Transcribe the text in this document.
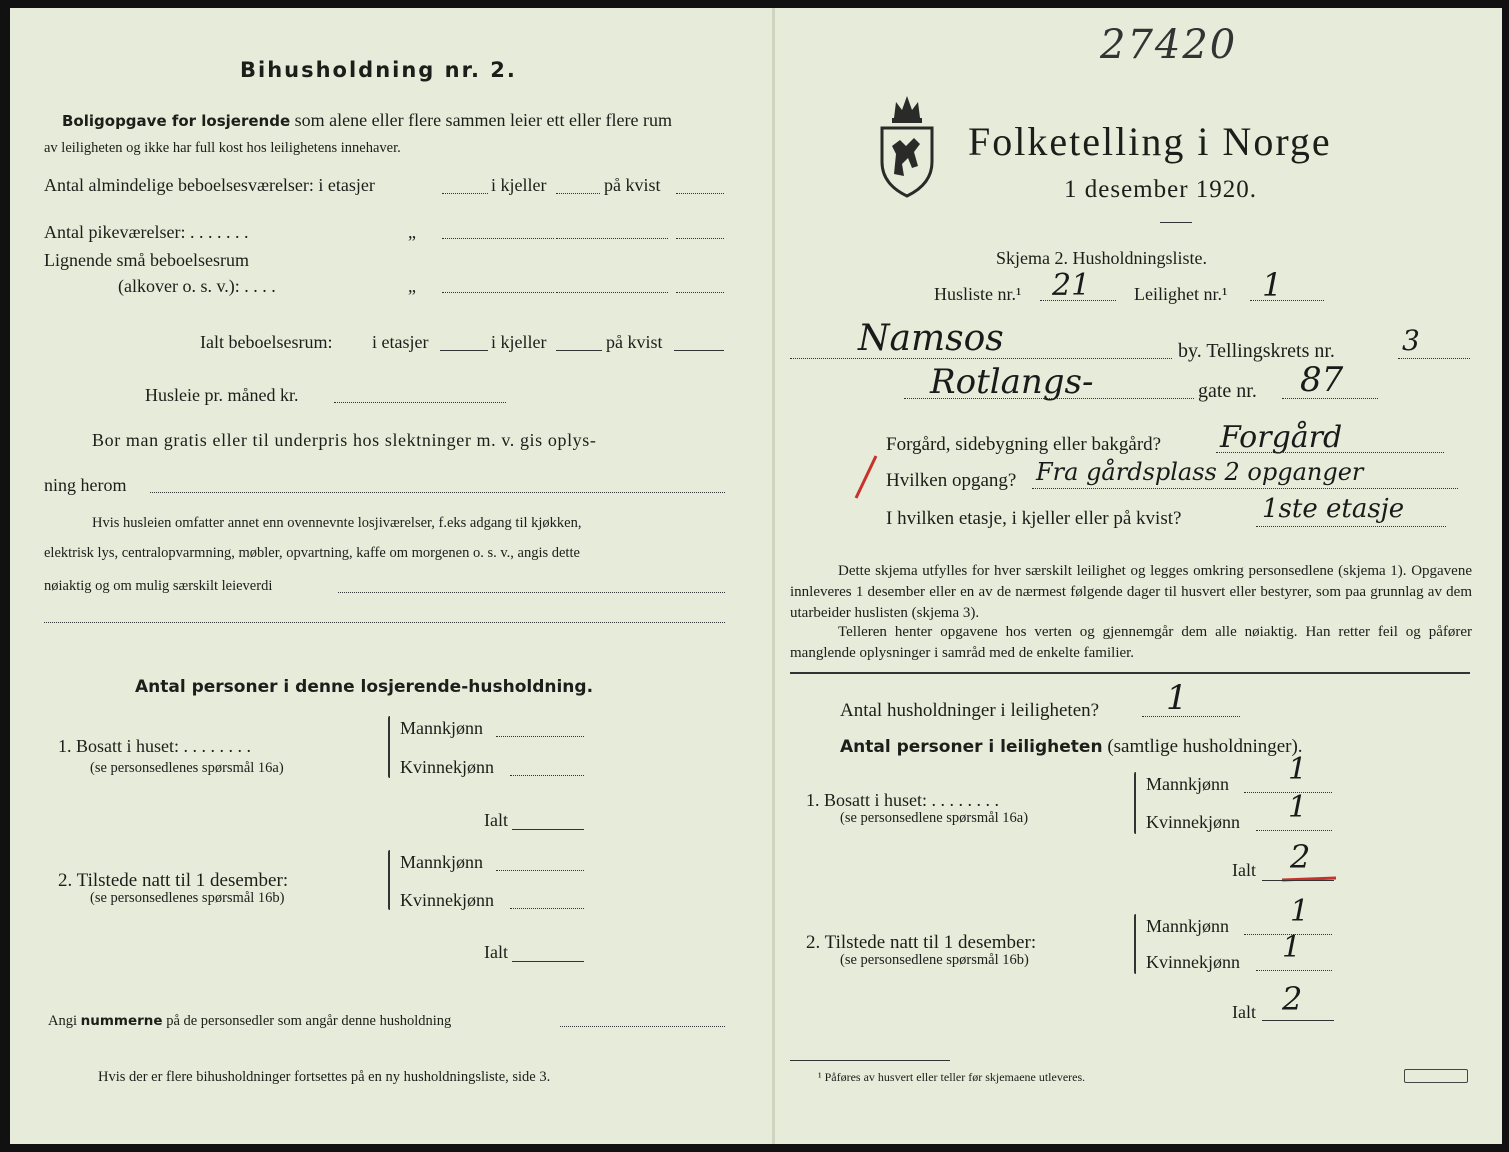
Bihusholdning nr. 2.
Boligopgave for losjerende som alene eller flere sammen leier ett eller flere rum
av leiligheten og ikke har full kost hos leilighetens innehaver.
Antal almindelige beboelsesværelser: i etasjer	i kjeller	på kvist
Antal pikeværelser: . . . . . . .	„
Lignende små beboelsesrum
(alkover o. s. v.): . . . .	„
Ialt beboelsesrum: i etasjer	i kjeller	på kvist
Husleie pr. måned kr.
Bor man gratis eller til underpris hos slektninger m. v. gis oplys-
ning herom
Hvis husleien omfatter annet enn ovennevnte losjiværelser, f.eks adgang til kjøkken,
elektrisk lys, centralopvarmning, møbler, opvartning, kaffe om morgenen o. s. v., angis dette
nøiaktig og om mulig særskilt leieverdi
Antal personer i denne losjerende-husholdning.
1. Bosatt i huset: . . . . . . . .
(se personsedlenes spørsmål 16a)
Mannkjønn
Kvinnekjønn
Ialt
2. Tilstede natt til 1 desember:
(se personsedlenes spørsmål 16b)
Mannkjønn
Kvinnekjønn
Ialt
Angi nummerne på de personsedler som angår denne husholdning
Hvis der er flere bihusholdninger fortsettes på en ny husholdningsliste, side 3.
27420
Folketelling i Norge
1 desember 1920.
Skjema 2. Husholdningsliste.
Husliste nr.¹ 21 Leilighet nr.¹ 1
Namsos	by. Tellingskrets nr. 3
Rotlangs-	gate nr. 87
Forgård, sidebygning eller bakgård? Forgård
Hvilken opgang? Fra gårdsplass 2 opganger
I hvilken etasje, i kjeller eller på kvist?	1ste etasje
Dette skjema utfylles for hver særskilt leilighet og legges omkring personsedlene (skjema 1). Opgavene innleveres 1 desember eller en av de nærmest følgende dager til husvert eller bestyrer, som paa grunnlag av dem utarbeider huslisten (skjema 3).
Telleren henter opgavene hos verten og gjennemgår dem alle nøiaktig. Han retter feil og påfører manglende oplysninger i samråd med de enkelte familier.
Antal husholdninger i leiligheten? 1
Antal personer i leiligheten (samtlige husholdninger).
1. Bosatt i huset: . . . . . . . .
(se personsedlene spørsmål 16a)
Mannkjønn 1
Kvinnekjønn 1
Ialt 2
2. Tilstede natt til 1 desember:
(se personsedlene spørsmål 16b)
Mannkjønn 1
Kvinnekjønn 1
Ialt 2
¹ Påføres av husvert eller teller før skjemaene utleveres.
